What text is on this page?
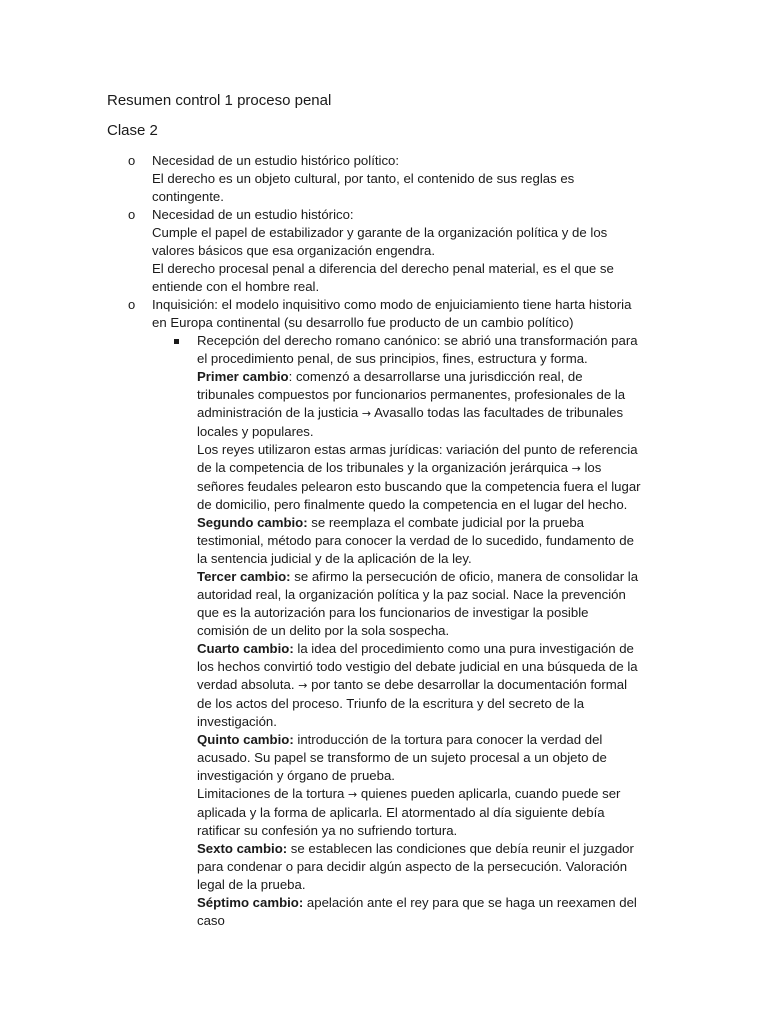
Resumen control 1 proceso penal

Clase 2

o Necesidad de un estudio histórico político:
El derecho es un objeto cultural, por tanto, el contenido de sus reglas es contingente.
o Necesidad de un estudio histórico:
Cumple el papel de estabilizador y garante de la organización política y de los valores básicos que esa organización engendra.
El derecho procesal penal a diferencia del derecho penal material, es el que se entiende con el hombre real.
o Inquisición: el modelo inquisitivo como modo de enjuiciamiento tiene harta historia en Europa continental (su desarrollo fue producto de un cambio político)
Recepción del derecho romano canónico: se abrió una transformación para el procedimiento penal, de sus principios, fines, estructura y forma.
Primer cambio: comenzó a desarrollarse una jurisdicción real, de tribunales compuestos por funcionarios permanentes, profesionales de la administración de la justicia → Avasallo todas las facultades de tribunales locales y populares.
Los reyes utilizaron estas armas jurídicas: variación del punto de referencia de la competencia de los tribunales y la organización jerárquica → los señores feudales pelearon esto buscando que la competencia fuera el lugar de domicilio, pero finalmente quedo la competencia en el lugar del hecho.
Segundo cambio: se reemplaza el combate judicial por la prueba testimonial, método para conocer la verdad de lo sucedido, fundamento de la sentencia judicial y de la aplicación de la ley.
Tercer cambio: se afirmo la persecución de oficio, manera de consolidar la autoridad real, la organización política y la paz social. Nace la prevención que es la autorización para los funcionarios de investigar la posible comisión de un delito por la sola sospecha.
Cuarto cambio: la idea del procedimiento como una pura investigación de los hechos convirtió todo vestigio del debate judicial en una búsqueda de la verdad absoluta. → por tanto se debe desarrollar la documentación formal de los actos del proceso. Triunfo de la escritura y del secreto de la investigación.
Quinto cambio: introducción de la tortura para conocer la verdad del acusado. Su papel se transformo de un sujeto procesal a un objeto de investigación y órgano de prueba.
Limitaciones de la tortura → quienes pueden aplicarla, cuando puede ser aplicada y la forma de aplicarla. El atormentado al día siguiente debía ratificar su confesión ya no sufriendo tortura.
Sexto cambio: se establecen las condiciones que debía reunir el juzgador para condenar o para decidir algún aspecto de la persecución. Valoración legal de la prueba.
Séptimo cambio: apelación ante el rey para que se haga un reexamen del caso
